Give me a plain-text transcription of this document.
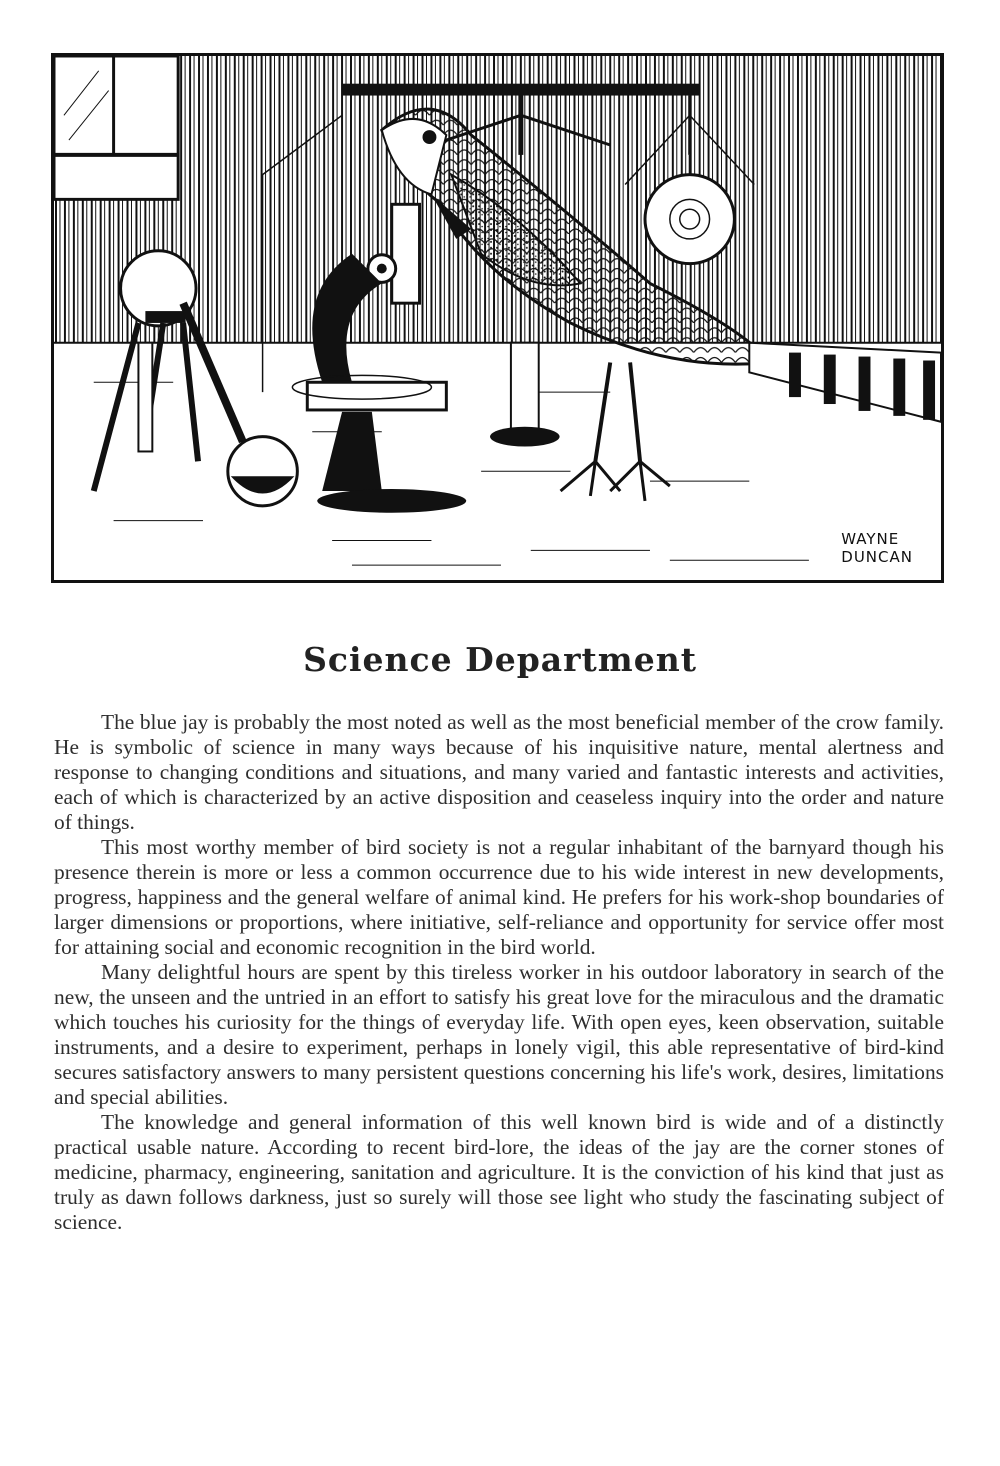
WAYNE
DUNCAN
Science Department

The blue jay is probably the most noted as well as the most beneficial member of the crow family. He is symbolic of science in many ways because of his inquisitive nature, mental alertness and response to changing conditions and situations, and many varied and fantastic interests and activities, each of which is characterized by an active disposition and ceaseless inquiry into the order and nature of things.

This most worthy member of bird society is not a regular inhabitant of the barnyard though his presence therein is more or less a common occurrence due to his wide interest in new developments, progress, happiness and the general welfare of animal kind. He prefers for his work-shop boundaries of larger dimensions or proportions, where initiative, self-reliance and opportunity for service offer most for attaining social and economic recognition in the bird world.

Many delightful hours are spent by this tireless worker in his outdoor laboratory in search of the new, the unseen and the untried in an effort to satisfy his great love for the miraculous and the dramatic which touches his curiosity for the things of everyday life. With open eyes, keen observation, suitable instruments, and a desire to experiment, perhaps in lonely vigil, this able representative of bird-kind secures satisfactory answers to many persistent questions concerning his life's work, desires, limitations and special abilities.

The knowledge and general information of this well known bird is wide and of a distinctly practical usable nature. According to recent bird-lore, the ideas of the jay are the corner stones of medicine, pharmacy, engineering, sanitation and agriculture. It is the conviction of his kind that just as truly as dawn follows darkness, just so surely will those see light who study the fascinating subject of science.
